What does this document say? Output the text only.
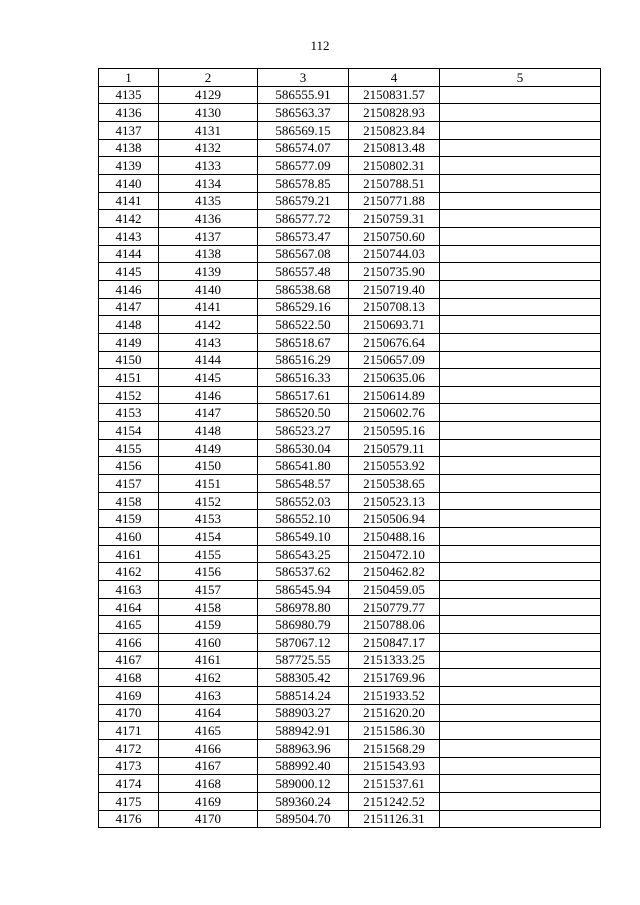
112
1	2	3	4	5
4135	4129	586555.91	2150831.57	
4136	4130	586563.37	2150828.93	
4137	4131	586569.15	2150823.84	
4138	4132	586574.07	2150813.48	
4139	4133	586577.09	2150802.31	
4140	4134	586578.85	2150788.51	
4141	4135	586579.21	2150771.88	
4142	4136	586577.72	2150759.31	
4143	4137	586573.47	2150750.60	
4144	4138	586567.08	2150744.03	
4145	4139	586557.48	2150735.90	
4146	4140	586538.68	2150719.40	
4147	4141	586529.16	2150708.13	
4148	4142	586522.50	2150693.71	
4149	4143	586518.67	2150676.64	
4150	4144	586516.29	2150657.09	
4151	4145	586516.33	2150635.06	
4152	4146	586517.61	2150614.89	
4153	4147	586520.50	2150602.76	
4154	4148	586523.27	2150595.16	
4155	4149	586530.04	2150579.11	
4156	4150	586541.80	2150553.92	
4157	4151	586548.57	2150538.65	
4158	4152	586552.03	2150523.13	
4159	4153	586552.10	2150506.94	
4160	4154	586549.10	2150488.16	
4161	4155	586543.25	2150472.10	
4162	4156	586537.62	2150462.82	
4163	4157	586545.94	2150459.05	
4164	4158	586978.80	2150779.77	
4165	4159	586980.79	2150788.06	
4166	4160	587067.12	2150847.17	
4167	4161	587725.55	2151333.25	
4168	4162	588305.42	2151769.96	
4169	4163	588514.24	2151933.52	
4170	4164	588903.27	2151620.20	
4171	4165	588942.91	2151586.30	
4172	4166	588963.96	2151568.29	
4173	4167	588992.40	2151543.93	
4174	4168	589000.12	2151537.61	
4175	4169	589360.24	2151242.52	
4176	4170	589504.70	2151126.31	
